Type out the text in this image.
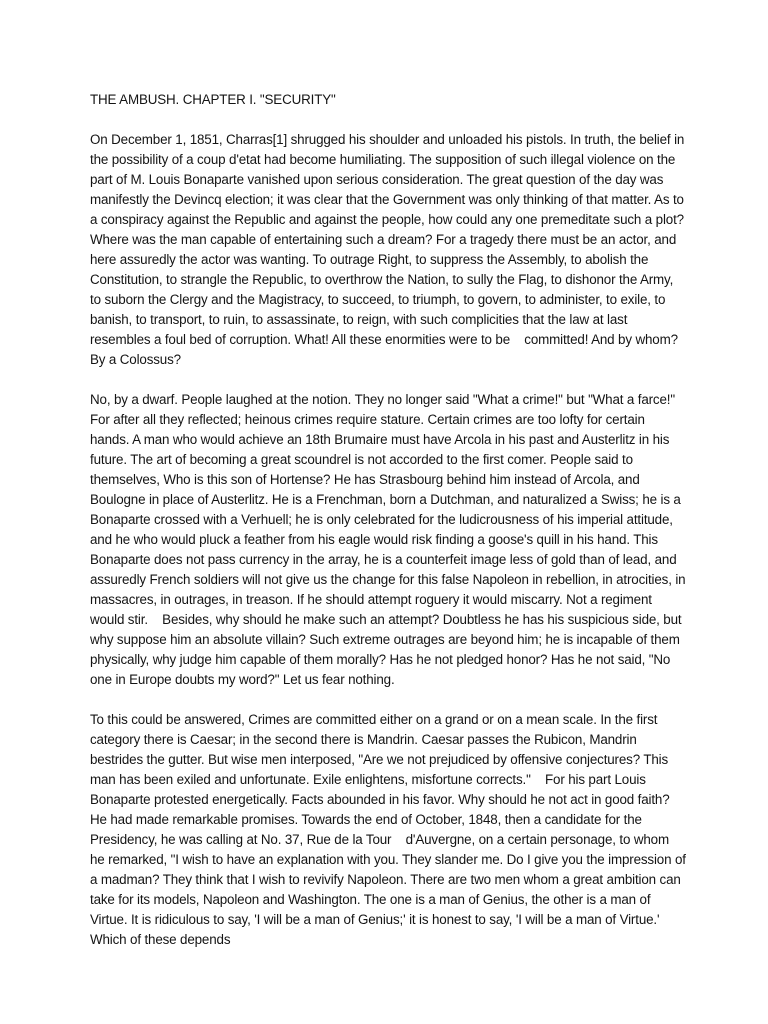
THE AMBUSH. CHAPTER I. "SECURITY"

On December 1, 1851, Charras[1] shrugged his shoulder and unloaded his pistols. In truth, the belief in the possibility of a coup d'etat had become humiliating. The supposition of such illegal violence on the part of M. Louis Bonaparte vanished upon serious consideration. The great question of the day was manifestly the Devincq election; it was clear that the Government was only thinking of that matter. As to a conspiracy against the Republic and against the people, how could any one premeditate such a plot? Where was the man capable of entertaining such a dream? For a tragedy there must be an actor, and here assuredly the actor was wanting. To outrage Right, to suppress the Assembly, to abolish the Constitution, to strangle the Republic, to overthrow the Nation, to sully the Flag, to dishonor the Army, to suborn the Clergy and the Magistracy, to succeed, to triumph, to govern, to administer, to exile, to banish, to transport, to ruin, to assassinate, to reign, with such complicities that the law at last resembles a foul bed of corruption. What! All these enormities were to be    committed! And by whom? By a Colossus?

No, by a dwarf. People laughed at the notion. They no longer said "What a crime!" but "What a farce!" For after all they reflected; heinous crimes require stature. Certain crimes are too lofty for certain hands. A man who would achieve an 18th Brumaire must have Arcola in his past and Austerlitz in his future. The art of becoming a great scoundrel is not accorded to the first comer. People said to themselves, Who is this son of Hortense? He has Strasbourg behind him instead of Arcola, and Boulogne in place of Austerlitz. He is a Frenchman, born a Dutchman, and naturalized a Swiss; he is a Bonaparte crossed with a Verhuell; he is only celebrated for the ludicrousness of his imperial attitude, and he who would pluck a feather from his eagle would risk finding a goose's quill in his hand. This Bonaparte does not pass currency in the array, he is a counterfeit image less of gold than of lead, and assuredly French soldiers will not give us the change for this false Napoleon in rebellion, in atrocities, in massacres, in outrages, in treason. If he should attempt roguery it would miscarry. Not a regiment would stir.    Besides, why should he make such an attempt? Doubtless he has his suspicious side, but why suppose him an absolute villain? Such extreme outrages are beyond him; he is incapable of them physically, why judge him capable of them morally? Has he not pledged honor? Has he not said, "No one in Europe doubts my word?" Let us fear nothing.

To this could be answered, Crimes are committed either on a grand or on a mean scale. In the first category there is Caesar; in the second there is Mandrin. Caesar passes the Rubicon, Mandrin bestrides the gutter. But wise men interposed, "Are we not prejudiced by offensive conjectures? This man has been exiled and unfortunate. Exile enlightens, misfortune corrects."    For his part Louis Bonaparte protested energetically. Facts abounded in his favor. Why should he not act in good faith? He had made remarkable promises. Towards the end of October, 1848, then a candidate for the Presidency, he was calling at No. 37, Rue de la Tour    d'Auvergne, on a certain personage, to whom he remarked, "I wish to have an explanation with you. They slander me. Do I give you the impression of a madman? They think that I wish to revivify Napoleon. There are two men whom a great ambition can take for its models, Napoleon and Washington. The one is a man of Genius, the other is a man of Virtue. It is ridiculous to say, 'I will be a man of Genius;' it is honest to say, 'I will be a man of Virtue.' Which of these depends
